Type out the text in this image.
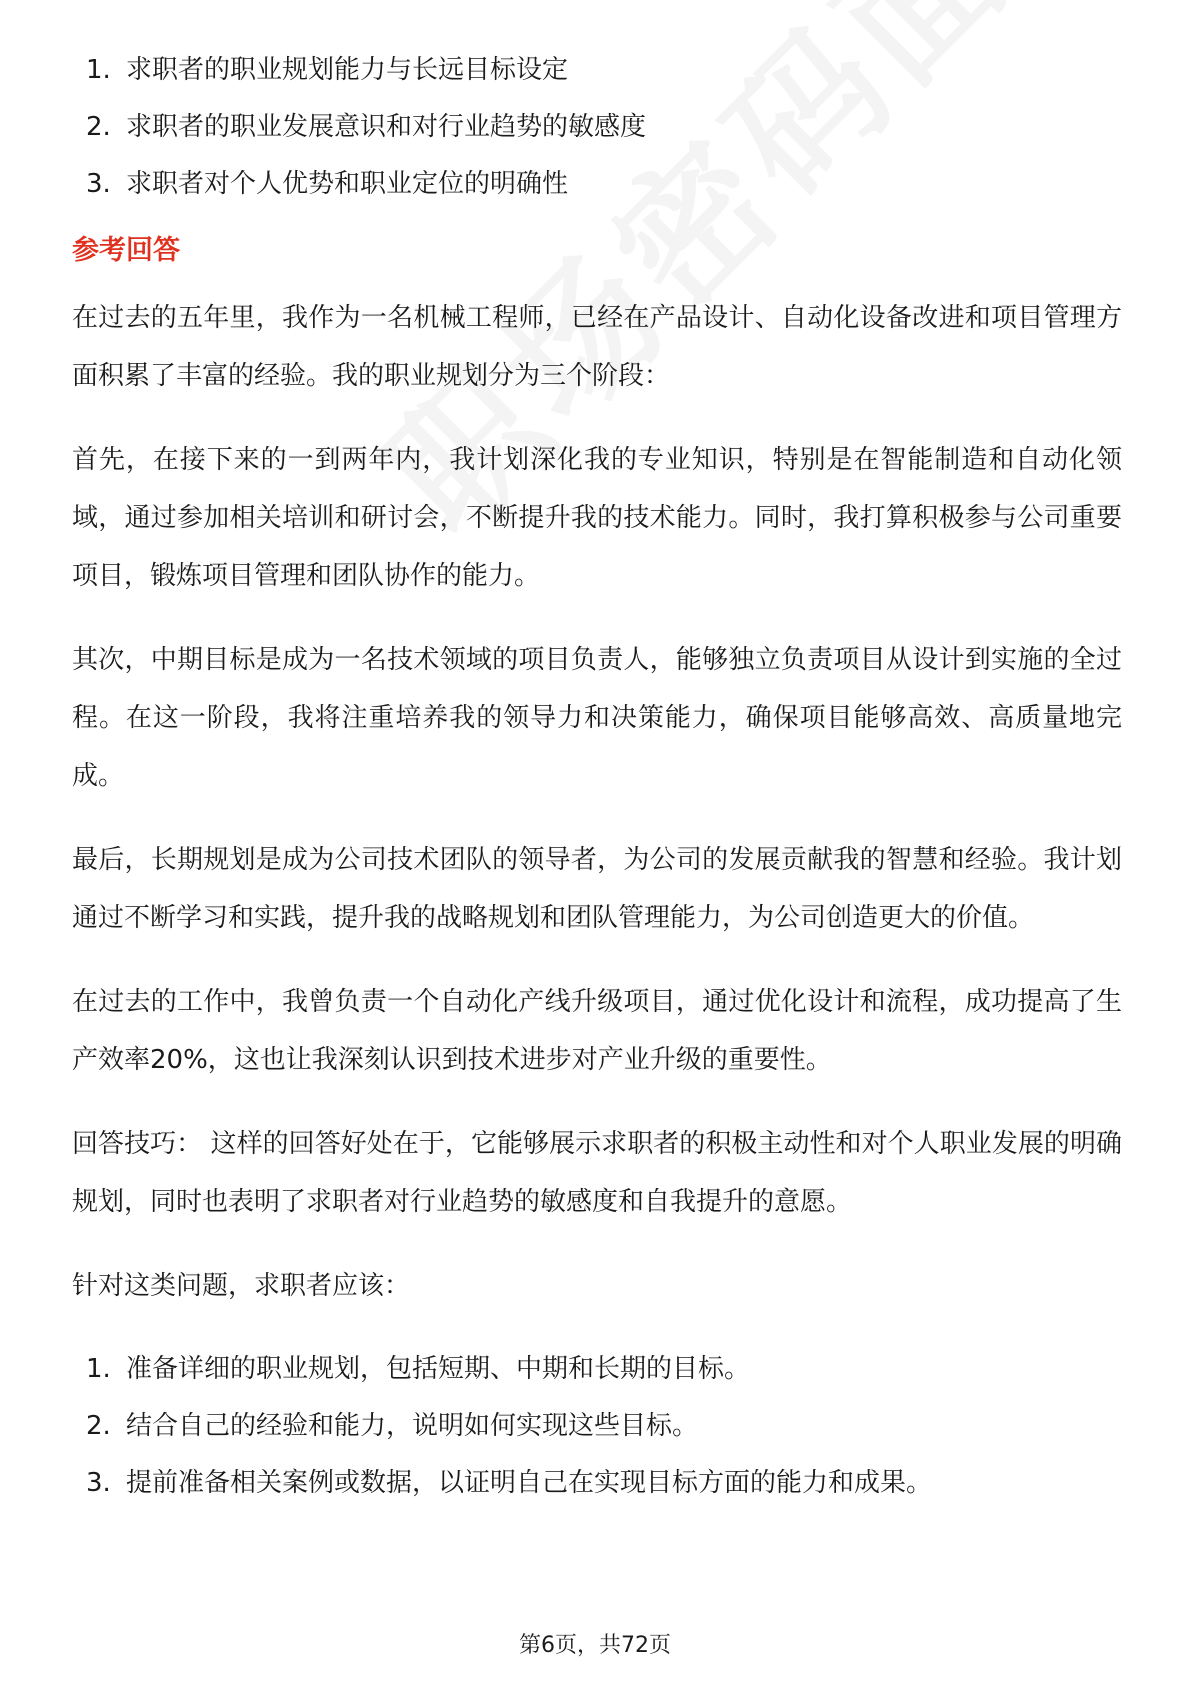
1. 求职者的职业规划能力与长远目标设定
2. 求职者的职业发展意识和对行业趋势的敏感度
3. 求职者对个人优势和职业定位的明确性
参考回答

在过去的五年里，我作为一名机械工程师，已经在产品设计、自动化设备改进和项目管理方面积累了丰富的经验。我的职业规划分为三个阶段：

首先，在接下来的一到两年内，我计划深化我的专业知识，特别是在智能制造和自动化领域，通过参加相关培训和研讨会，不断提升我的技术能力。同时，我打算积极参与公司重要项目，锻炼项目管理和团队协作的能力。

其次，中期目标是成为一名技术领域的项目负责人，能够独立负责项目从设计到实施的全过程。在这一阶段，我将注重培养我的领导力和决策能力，确保项目能够高效、高质量地完成。

最后，长期规划是成为公司技术团队的领导者，为公司的发展贡献我的智慧和经验。我计划通过不断学习和实践，提升我的战略规划和团队管理能力，为公司创造更大的价值。

在过去的工作中，我曾负责一个自动化产线升级项目，通过优化设计和流程，成功提高了生产效率20%，这也让我深刻认识到技术进步对产业升级的重要性。

回答技巧： 这样的回答好处在于，它能够展示求职者的积极主动性和对个人职业发展的明确规划，同时也表明了求职者对行业趋势的敏感度和自我提升的意愿。

针对这类问题，求职者应该：

1. 准备详细的职业规划，包括短期、中期和长期的目标。
2. 结合自己的经验和能力，说明如何实现这些目标。
3. 提前准备相关案例或数据，以证明自己在实现目标方面的能力和成果。
第6页，共72页
